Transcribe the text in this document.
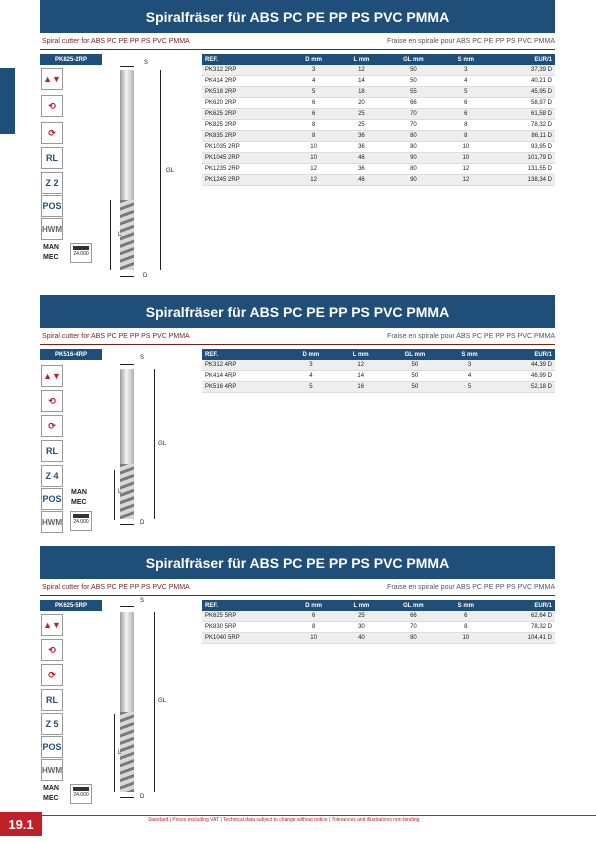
Spiralfräser für ABS PC PE PP PS PVC PMMA
Spiral cutter for ABS PC PE PP PS PVC PMMA	Fraise en spirale pour ABS PC PE PP PS PVC PMMA
PK825-2RP
▲▼
⟲
⟳
RL
Z 2
POS
HWM
MAN
MEC	24.000
S
GL
L
D
REF.	D mm	L mm	GL mm	S mm	EUR/1
PK312 2RP	3	12	50	3	37,39 D
PK414 2RP	4	14	50	4	40,21 D
PK518 2RP	5	18	55	5	45,95 D
PK620 2RP	6	20	66	6	58,97 D
PK625 2RP	6	25	70	6	61,58 D
PK825 2RP	8	25	70	8	78,32 D
PK835 2RP	8	36	80	8	86,11 D
PK1035 2RP	10	36	80	10	93,95 D
PK1045 2RP	10	46	90	10	101,79 D
PK1235 2RP	12	36	80	12	131,55 D
PK1245 2RP	12	46	90	12	138,34 D
Spiralfräser für ABS PC PE PP PS PVC PMMA
Spiral cutter for ABS PC PE PP PS PVC PMMA	Fraise en spirale pour ABS PC PE PP PS PVC PMMA
PK516-4RP
▲▼
⟲
⟳
RL
Z 4
POS
MAN
MEC
HWM	24.000
S
GL
L
D
REF.	D mm	L mm	GL mm	S mm	EUR/1
PK312 4RP	3	12	50	3	44,39 D
PK414 4RP	4	14	50	4	46,99 D
PK516 4RP	5	16	50	5	52,18 D
Spiralfräser für ABS PC PE PP PS PVC PMMA
Spiral cutter for ABS PC PE PP PS PVC PMMA	Fraise en spirale pour ABS PC PE PP PS PVC PMMA
PK625-5RP
▲▼
⟲
⟳
RL
Z 5
POS
HWM
MAN
MEC	24.000
S
GL
L
D
REF.	D mm	L mm	GL mm	S mm	EUR/1
PK625 5RP	6	25	66	6	62,64 D
PK830 5RP	8	30	70	8	78,32 D
PK1040 5RP	10	40	80	10	104,41 D
19.1	Standard | Prices excluding VAT | Technical data subject to change without notice | Tolerances and illustrations non-binding
